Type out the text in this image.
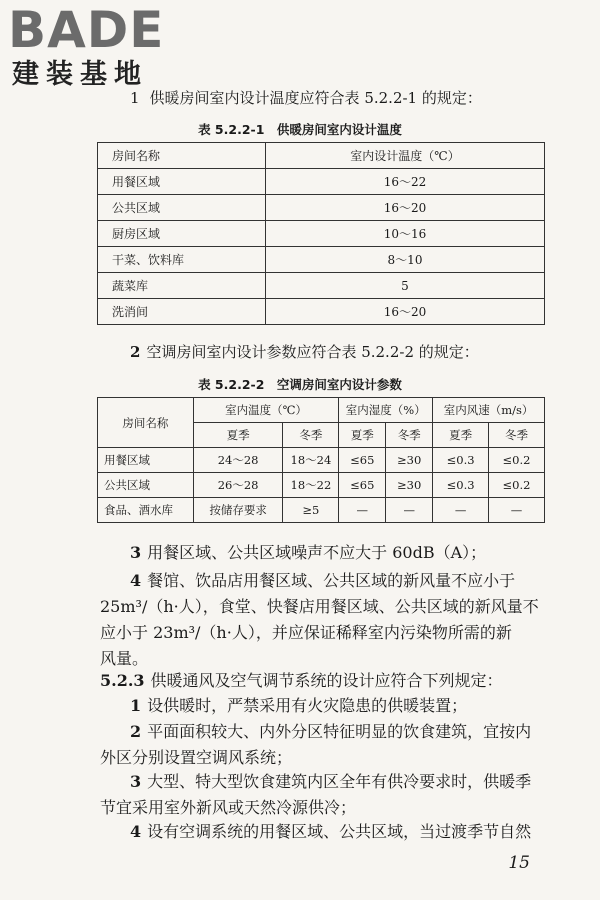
BADE
建装基地
1 供暖房间室内设计温度应符合表 5.2.2-1 的规定：
表 5.2.2-1　供暖房间室内设计温度
房间名称	室内设计温度（℃）
用餐区域	16～22
公共区域	16～20
厨房区域	10～16
干菜、饮料库	8～10
蔬菜库	5
洗消间	16～20
2 空调房间室内设计参数应符合表 5.2.2-2 的规定：
表 5.2.2-2　空调房间室内设计参数
房间名称	室内温度（℃）		室内湿度（%）		室内风速（m/s）	
	夏季	冬季	夏季	冬季	夏季	冬季
用餐区域	24～28	18～24	≤65	≥30	≤0.3	≤0.2
公共区域	26～28	18～22	≤65	≥30	≤0.3	≤0.2
食品、酒水库	按储存要求	≥5	—	—	—	—
3 用餐区域、公共区域噪声不应大于 60dB（A）；
4 餐馆、饮品店用餐区域、公共区域的新风量不应小于
25m³/（h·人），食堂、快餐店用餐区域、公共区域的新风量不
应小于 23m³/（h·人），并应保证稀释室内污染物所需的新
风量。
5.2.3 供暖通风及空气调节系统的设计应符合下列规定：
1 设供暖时，严禁采用有火灾隐患的供暖装置；
2 平面面积较大、内外分区特征明显的饮食建筑，宜按内
外区分别设置空调风系统；
3 大型、特大型饮食建筑内区全年有供冷要求时，供暖季
节宜采用室外新风或天然冷源供冷；
4 设有空调系统的用餐区域、公共区域，当过渡季节自然
15
